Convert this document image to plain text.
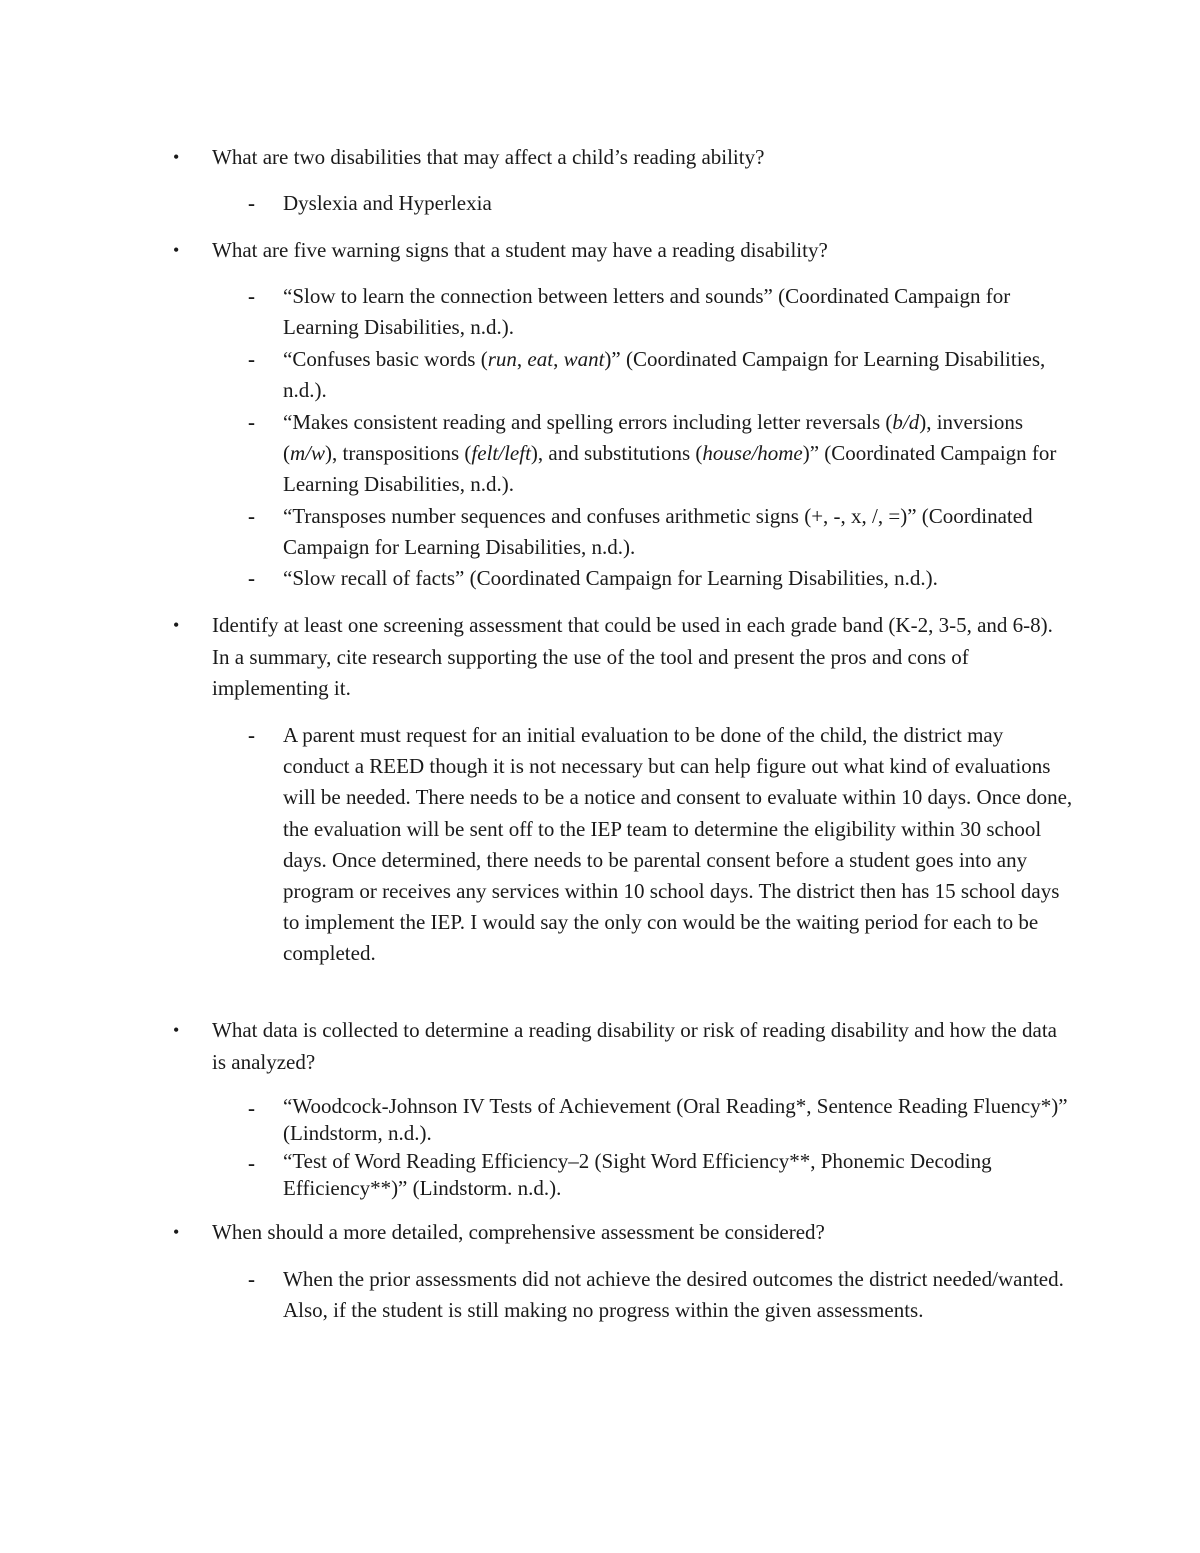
• What are two disabilities that may affect a child’s reading ability?

- Dyslexia and Hyperlexia

• What are five warning signs that a student may have a reading disability?

- “Slow to learn the connection between letters and sounds” (Coordinated Campaign for Learning Disabilities, n.d.).

- “Confuses basic words (run, eat, want)” (Coordinated Campaign for Learning Disabilities, n.d.).

- “Makes consistent reading and spelling errors including letter reversals (b/d), inversions (m/w), transpositions (felt/left), and substitutions (house/home)” (Coordinated Campaign for Learning Disabilities, n.d.).

- “Transposes number sequences and confuses arithmetic signs (+, -, x, /, =)” (Coordinated Campaign for Learning Disabilities, n.d.).

- “Slow recall of facts” (Coordinated Campaign for Learning Disabilities, n.d.).

• Identify at least one screening assessment that could be used in each grade band (K-2, 3-5, and 6-8). In a summary, cite research supporting the use of the tool and present the pros and cons of implementing it.

- A parent must request for an initial evaluation to be done of the child, the district may conduct a REED though it is not necessary but can help figure out what kind of evaluations will be needed. There needs to be a notice and consent to evaluate within 10 days. Once done, the evaluation will be sent off to the IEP team to determine the eligibility within 30 school days. Once determined, there needs to be parental consent before a student goes into any program or receives any services within 10 school days. The district then has 15 school days to implement the IEP. I would say the only con would be the waiting period for each to be completed.

• What data is collected to determine a reading disability or risk of reading disability and how the data is analyzed?

- “Woodcock-Johnson IV Tests of Achievement (Oral Reading*, Sentence Reading Fluency*)” (Lindstorm, n.d.).

- “Test of Word Reading Efficiency–2 (Sight Word Efficiency**, Phonemic Decoding Efficiency**)” (Lindstorm. n.d.).

• When should a more detailed, comprehensive assessment be considered?

- When the prior assessments did not achieve the desired outcomes the district needed/wanted. Also, if the student is still making no progress within the given assessments.
